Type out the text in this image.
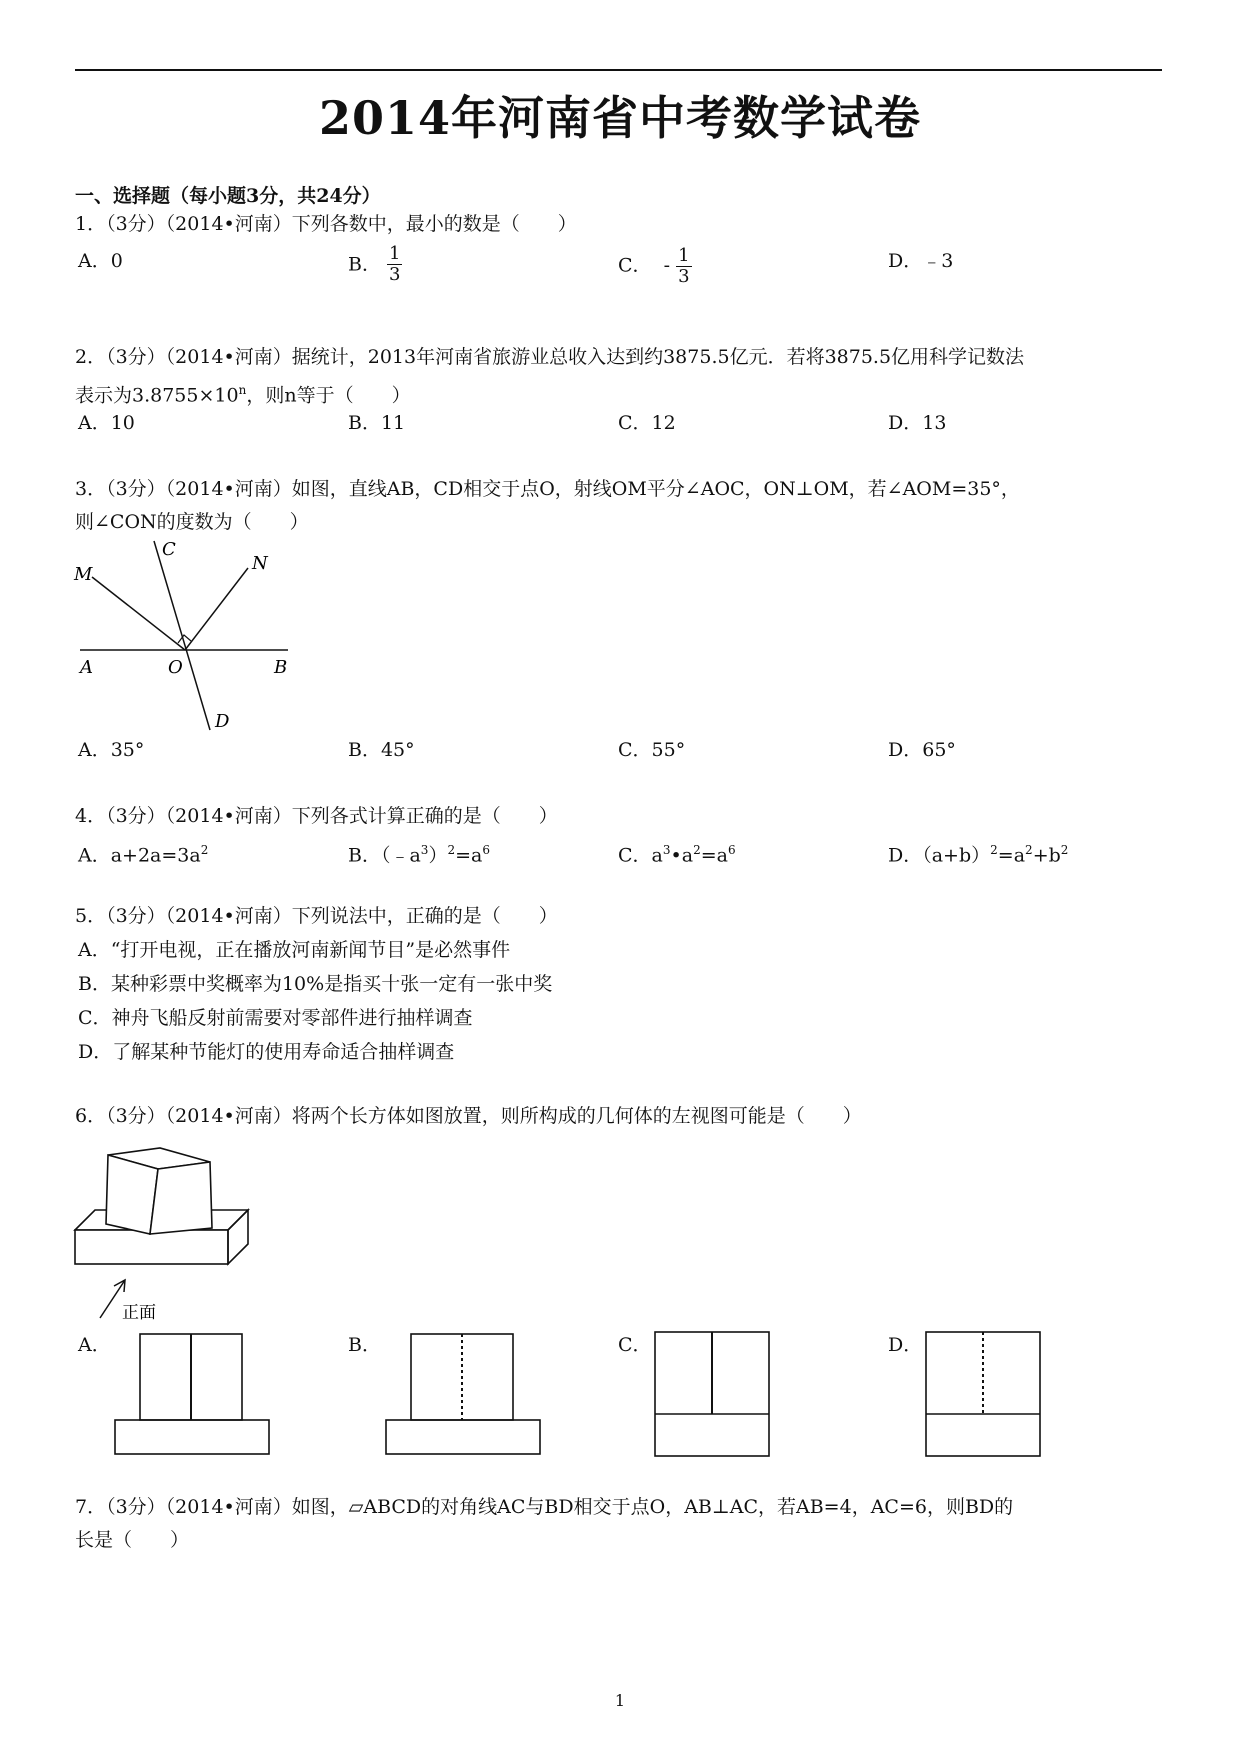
2014年河南省中考数学试卷
一、选择题（每小题3分，共24分）
1．（3分）（2014•河南）下列各数中，最小的数是（　　）
A．0	B． $\frac{1}{3}$	C． - $\frac{1}{3}$	D．﹣3
2．（3分）（2014•河南）据统计，2013年河南省旅游业总收入达到约3875.5亿元．若将3875.5亿用科学记数法
表示为$3.8755\times 10^n$，则n等于（　　）
A．10	B．11	C．12	D．13
3．（3分）（2014•河南）如图，直线AB，CD相交于点O，射线OM平分∠AOC，ON⊥OM，若∠AOM=35°，
则∠CON的度数为（　　）
M
C
N
A	O	B
D
A．35°	B．45°	C．55°	D．65°
4．（3分）（2014•河南）下列各式计算正确的是（　　）
A．$a+2a=3a^2$	B．$(﹣a^3)^2=a^6$	C．$a^3•a^2=a^6$	D．$(a+b)^2=a^2+b^2$
5．（3分）（2014•河南）下列说法中，正确的是（　　）
A．“打开电视，正在播放河南新闻节目”是必然事件
B．某种彩票中奖概率为10%是指买十张一定有一张中奖
C．神舟飞船反射前需要对零部件进行抽样调查
D．了解某种节能灯的使用寿命适合抽样调查
6．（3分）（2014•河南）将两个长方体如图放置，则所构成的几何体的左视图可能是（　　）
正面
A．	B．	C．	D．
7．（3分）（2014•河南）如图，▱ABCD的对角线AC与BD相交于点O，AB⊥AC，若AB=4，AC=6，则BD的
长是（　　）
1
